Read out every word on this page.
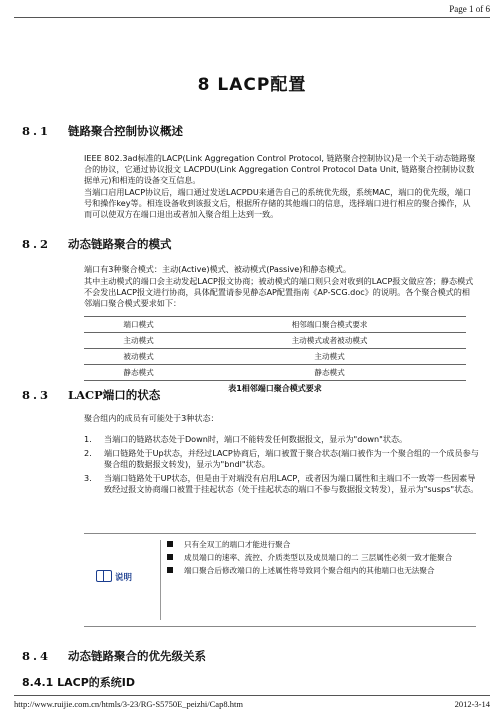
Page 1 of 6
8 LACP配置
8.1 链路聚合控制协议概述

IEEE 802.3ad标准的LACP(Link Aggregation Control Protocol, 链路聚合控制协议)是一个关于动态链路聚合的协议，它通过协议报文 LACPDU(Link Aggregation Control Protocol Data Unit, 链路聚合控制协议数据单元)和相连的设备交互信息。

当端口启用LACP协议后，端口通过发送LACPDU来通告自己的系统优先级，系统MAC，端口的优先级，端口号和操作key等。相连设备收到该报文后，根据所存储的其他端口的信息，选择端口进行相应的聚合操作，从而可以使双方在端口退出或者加入聚合组上达到一致。

8.2 动态链路聚合的模式

端口有3种聚合模式：主动(Active)模式、被动模式(Passive)和静态模式。

其中主动模式的端口会主动发起LACP报文协商；被动模式的端口则只会对收到的LACP报文做应答；静态模式不会发出LACP报文进行协商，具体配置请参见静态AP配置指南《AP-SCG.doc》的说明。各个聚合模式的相邻端口聚合模式要求如下：

端口模式	相邻端口聚合模式要求
主动模式	主动模式或者被动模式
被动模式	主动模式
静态模式	静态模式
表1相邻端口聚合模式要求
8.3 LACP端口的状态
聚合组内的成员有可能处于3种状态：
1. 当端口的链路状态处于Down时，端口不能转发任何数据报文，显示为"down"状态。
2. 端口链路处于Up状态，并经过LACP协商后，端口被置于聚合状态(端口被作为一个聚合组的一个成员参与聚合组的数据报文转发)，显示为"bndl"状态。
3. 当端口链路处于UP状态，但是由于对端没有启用LACP，或者因为端口属性和主端口不一致等一些因素导致经过报文协商端口被置于挂起状态（处于挂起状态的端口不参与数据报文转发），显示为"susps"状态。
说明
只有全双工的端口才能进行聚合
成员端口的速率、流控、介质类型以及成员端口的二 三层属性必须一致才能聚合
端口聚合后修改端口的上述属性将导致同个聚合组内的其他端口也无法聚合
8.4 动态链路聚合的优先级关系
8.4.1 LACP的系统ID
http://www.ruijie.com.cn/htmls/3-23/RG-S5750E_peizhi/Cap8.htm	2012-3-14
